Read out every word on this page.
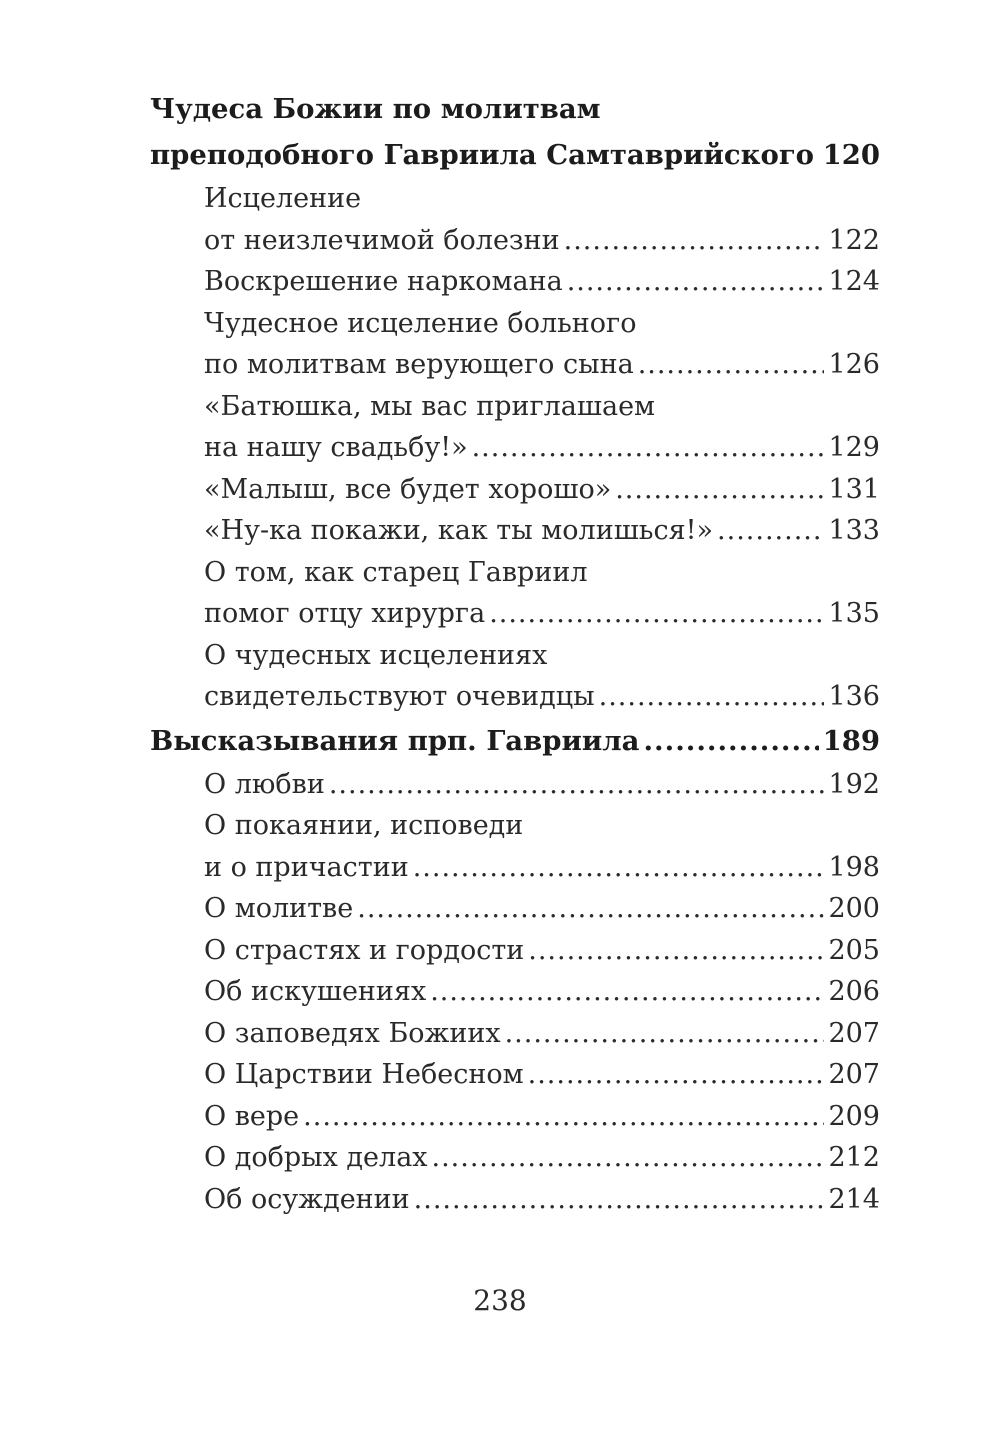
Чудеса Божии по молитвам
преподобного Гавриила Самтаврийского ..... 120
Исцеление
от неизлечимой болезни .....	122
Воскрешение наркомана .....	124
Чудесное исцеление больного
по молитвам верующего сына .....	126
«Батюшка, мы вас приглашаем
на нашу свадьбу!» .....	129
«Малыш, все будет хорошо» .....	131
«Ну-ка покажи, как ты молишься!» .....	133
О том, как старец Гавриил
помог отцу хирурга .....	135
О чудесных исцелениях
свидетельствуют очевидцы .....	136
Высказывания прп. Гавриила .....	189
О любви .....	192
О покаянии, исповеди
и о причастии .....	198
О молитве .....	200
О страстях и гордости .....	205
Об искушениях .....	206
О заповедях Божиих .....	207
О Царствии Небесном .....	207
О вере .....	209
О добрых делах .....	212
Об осуждении .....	214
238
